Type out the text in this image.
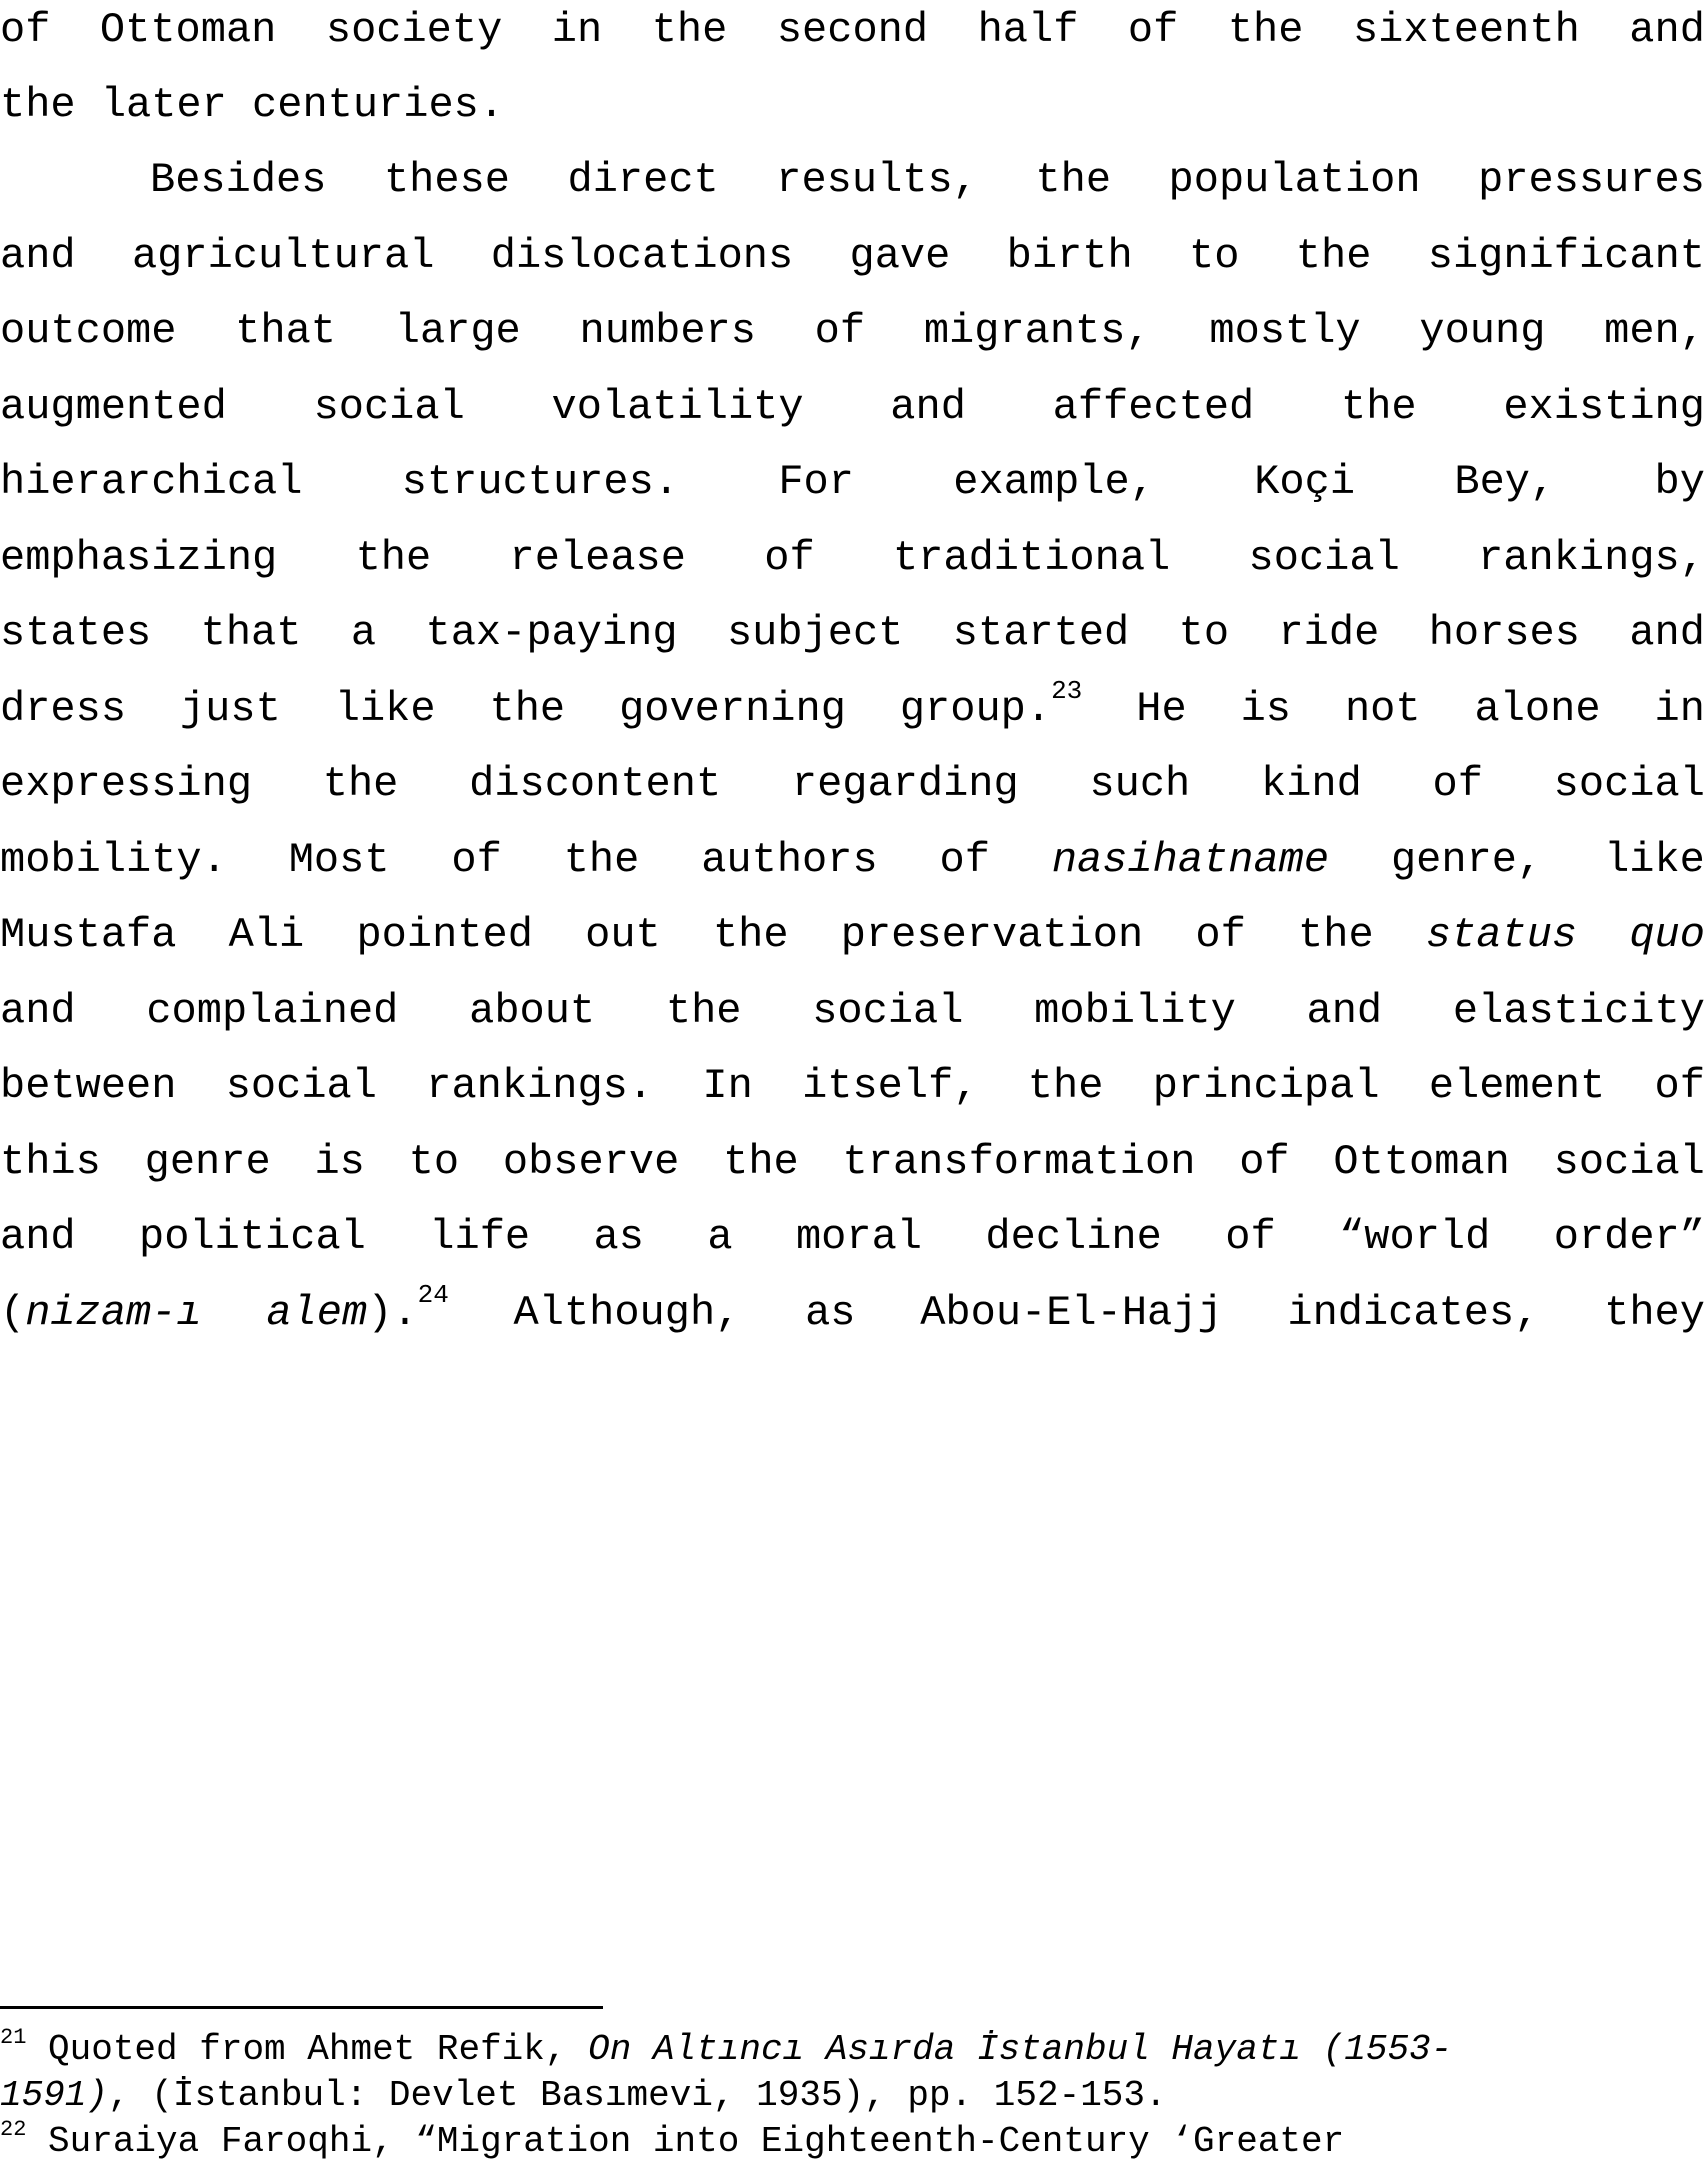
of Ottoman society in the second half of the sixteenth and
the later centuries.
Besides these direct results, the population pressures
and agricultural dislocations gave birth to the significant
outcome that large numbers of migrants, mostly young men,
augmented social volatility and affected the existing
hierarchical structures. For example, Koçi Bey, by
emphasizing the release of traditional social rankings,
states that a tax-paying subject started to ride horses and
dress just like the governing group.$^{23}$ He is not alone in
expressing the discontent regarding such kind of social
mobility. Most of the authors of nasihatname genre, like
Mustafa Ali pointed out the preservation of the status quo
and complained about the social mobility and elasticity
between social rankings. In itself, the principal element of
this genre is to observe the transformation of Ottoman social
and political life as a moral decline of “world order”
(nizam-ı alem).$^{24}$ Although, as Abou-El-Hajj indicates, they
$^{21}$ Quoted from Ahmet Refik, On Altıncı Asırda İstanbul Hayatı (1553-
1591), (İstanbul: Devlet Basımevi, 1935), pp. 152-153.
$^{22}$ Suraiya Faroqhi, “Migration into Eighteenth-Century ‘Greater
